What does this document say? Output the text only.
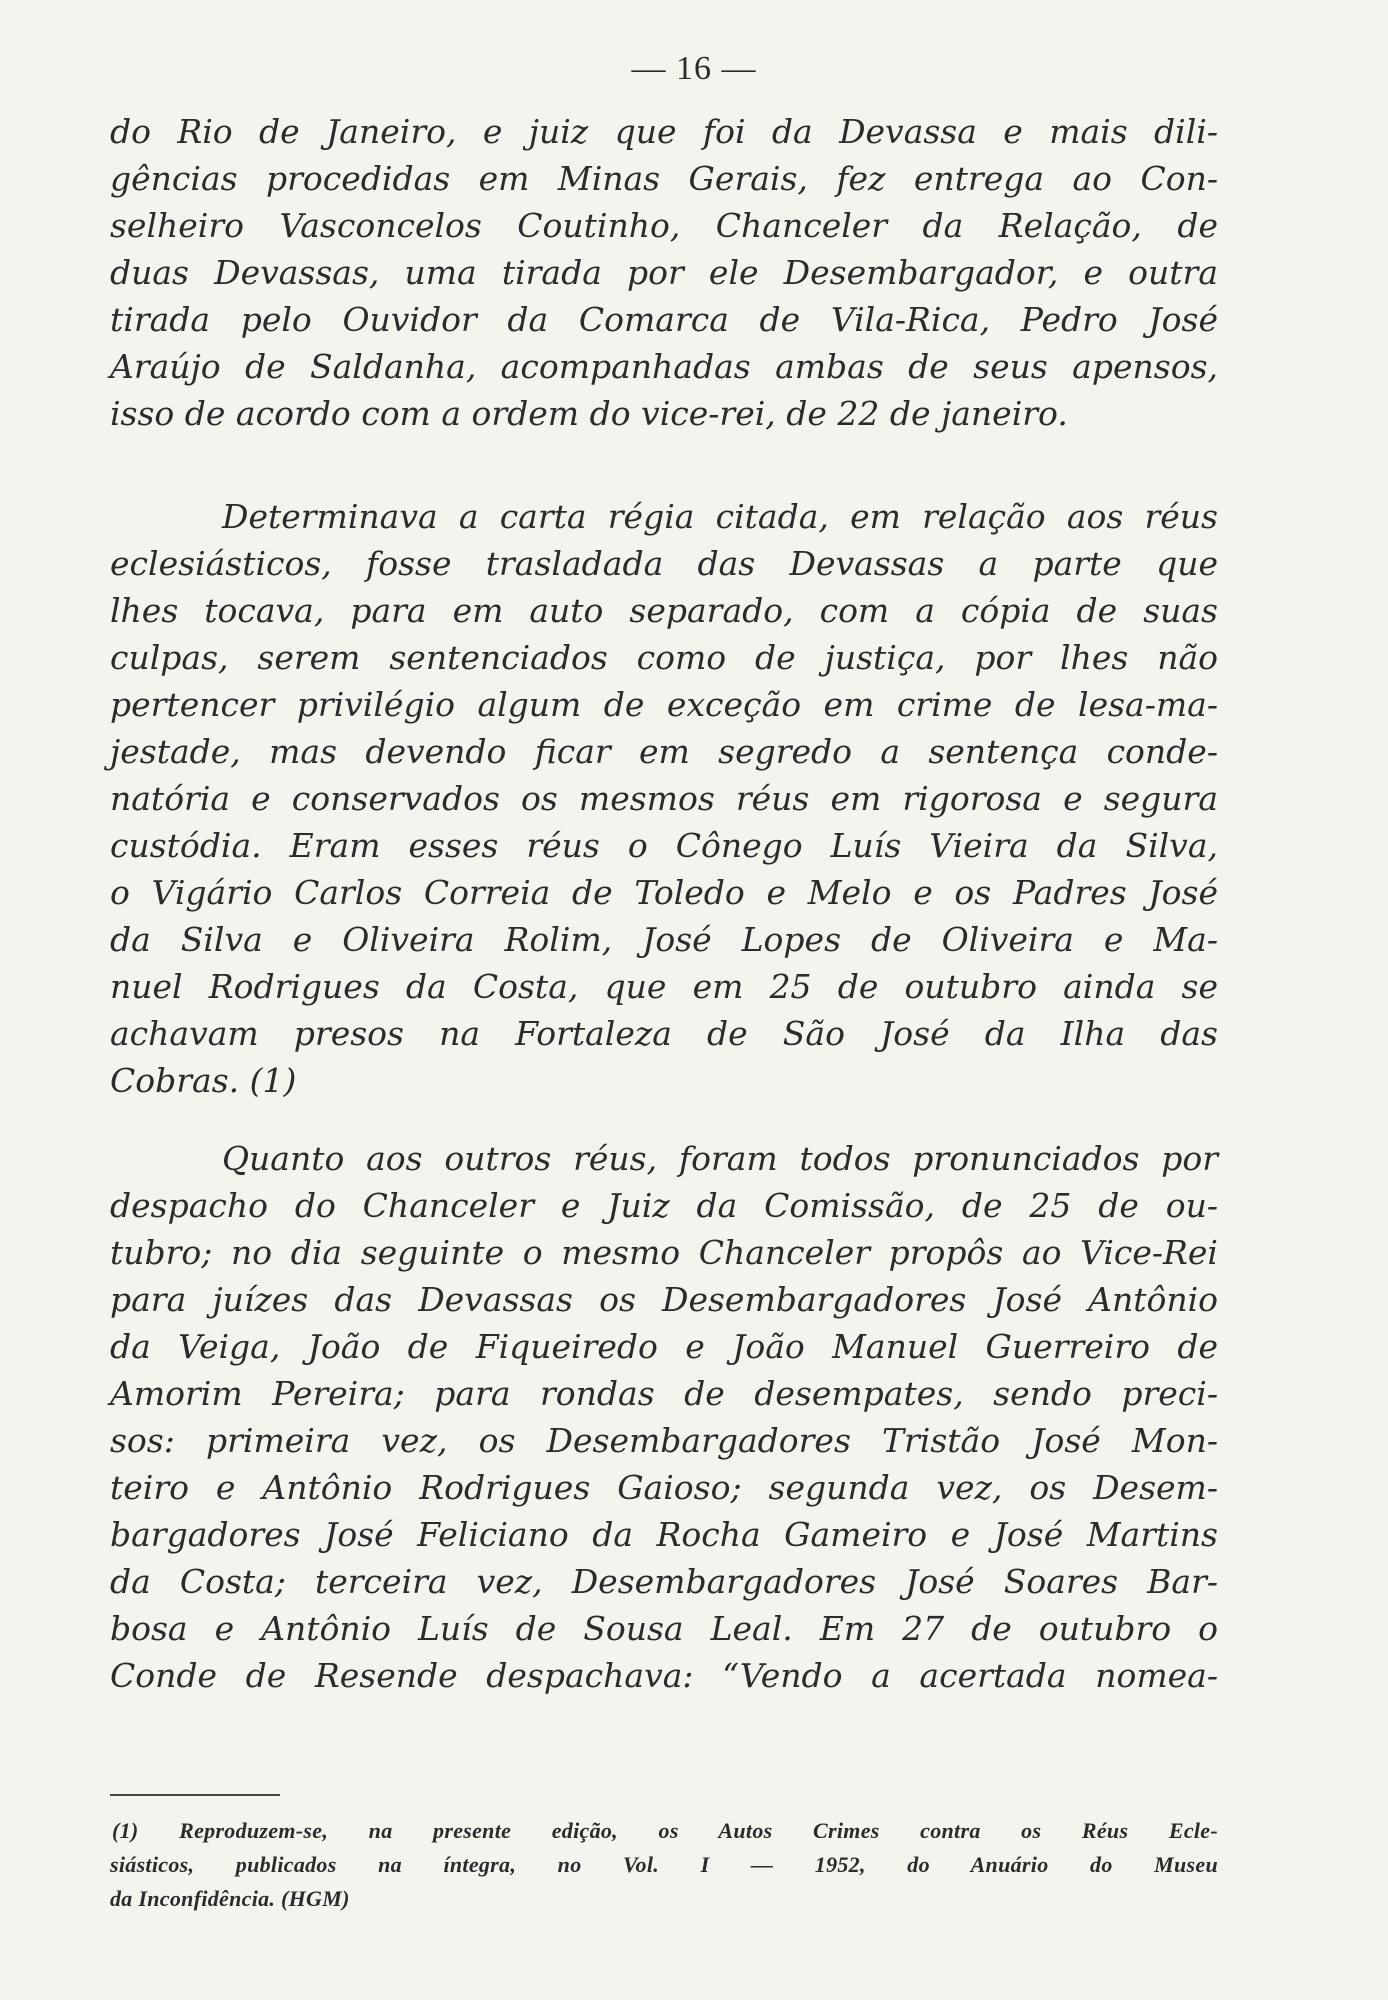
— 16 —
do Rio de Janeiro, e juiz que foi da Devassa e mais dili-
gências procedidas em Minas Gerais, fez entrega ao Con-
selheiro Vasconcelos Coutinho, Chanceler da Relação, de
duas Devassas, uma tirada por ele Desembargador, e outra
tirada pelo Ouvidor da Comarca de Vila-Rica, Pedro José
Araújo de Saldanha, acompanhadas ambas de seus apensos,
isso de acordo com a ordem do vice-rei, de 22 de janeiro.
Determinava a carta régia citada, em relação aos réus
eclesiásticos, fosse trasladada das Devassas a parte que
lhes tocava, para em auto separado, com a cópia de suas
culpas, serem sentenciados como de justiça, por lhes não
pertencer privilégio algum de exceção em crime de lesa-ma-
jestade, mas devendo ficar em segredo a sentença conde-
natória e conservados os mesmos réus em rigorosa e segura
custódia. Eram esses réus o Cônego Luís Vieira da Silva,
o Vigário Carlos Correia de Toledo e Melo e os Padres José
da Silva e Oliveira Rolim, José Lopes de Oliveira e Ma-
nuel Rodrigues da Costa, que em 25 de outubro ainda se
achavam presos na Fortaleza de São José da Ilha das
Cobras. (1)
Quanto aos outros réus, foram todos pronunciados por
despacho do Chanceler e Juiz da Comissão, de 25 de ou-
tubro; no dia seguinte o mesmo Chanceler propôs ao Vice-Rei
para juízes das Devassas os Desembargadores José Antônio
da Veiga, João de Fiqueiredo e João Manuel Guerreiro de
Amorim Pereira; para rondas de desempates, sendo preci-
sos: primeira vez, os Desembargadores Tristão José Mon-
teiro e Antônio Rodrigues Gaioso; segunda vez, os Desem-
bargadores José Feliciano da Rocha Gameiro e José Martins
da Costa; terceira vez, Desembargadores José Soares Bar-
bosa e Antônio Luís de Sousa Leal. Em 27 de outubro o
Conde de Resende despachava: “Vendo a acertada nomea-
(1) Reproduzem-se, na presente edição, os Autos Crimes contra os Réus Ecle-
siásticos, publicados na íntegra, no Vol. I — 1952, do Anuário do Museu
da Inconfidência. (HGM)
